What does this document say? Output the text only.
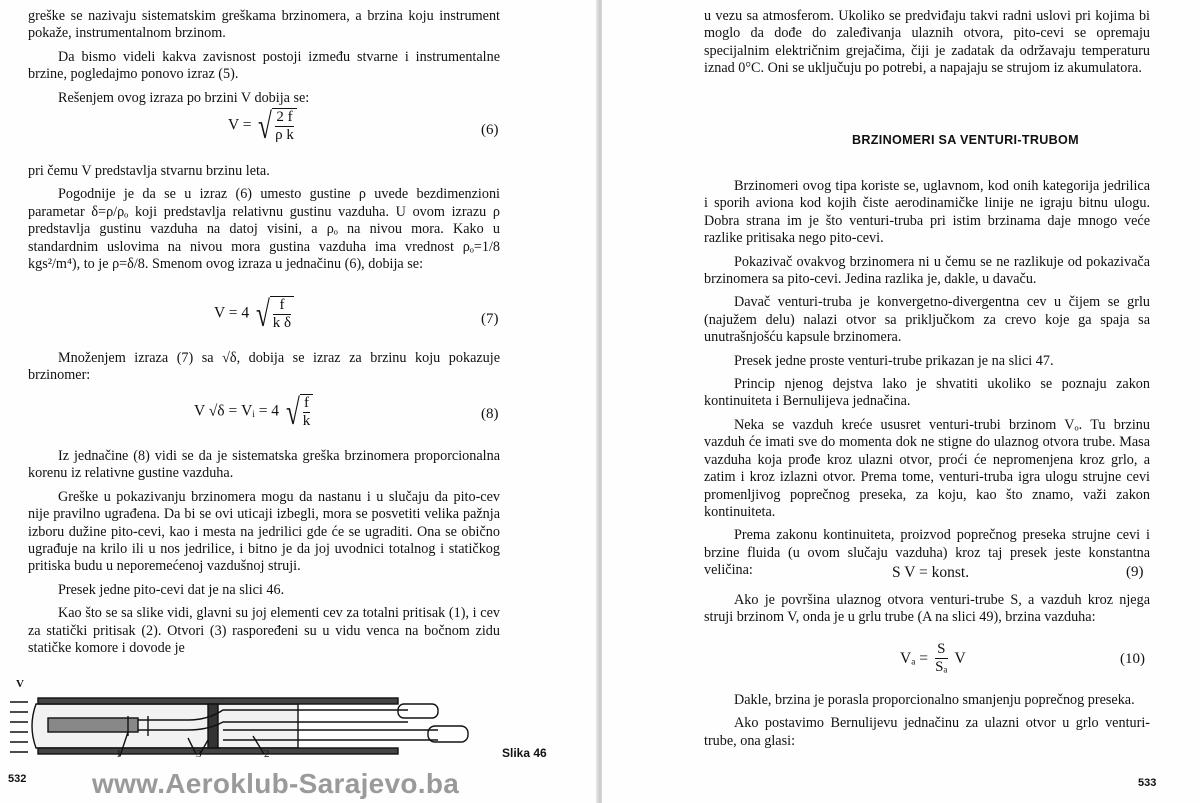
greške se nazivaju sistematskim greškama brzinomera, a brzina koju instrument pokaže, instrumentalnom brzinom.

Da bismo videli kakva zavisnost postoji između stvarne i instrumentalne brzine, pogledajmo ponovo izraz (5).

Rešenjem ovog izraza po brzini V dobija se:

V = √ $\frac{2 f}{\text{ρ k}}$	(6)

pri čemu V predstavlja stvarnu brzinu leta.

Pogodnije je da se u izraz (6) umesto gustine ρ uvede bezdimenzioni parametar δ=ρ/ρₒ koji predstavlja relativnu gustinu vazduha. U ovom izrazu ρ predstavlja gustinu vazduha na datoj visini, a ρₒ na nivou mora. Kako u standardnim uslovima na nivou mora gustina vazduha ima vrednost ρₒ=1/8 kgs²/m⁴), to je ρ=δ/8. Smenom ovog izraza u jednačinu (6), dobija se:

V = 4 √ $\frac{f}{\text{k δ}}$	(7)

Množenjem izraza (7) sa √δ, dobija se izraz za brzinu koju pokazuje brzinomer:

V √δ = Vᵢ = 4 √ $\frac{f}{k}$	(8)

Iz jednačine (8) vidi se da je sistematska greška brzinomera proporcionalna korenu iz relativne gustine vazduha.

Greške u pokazivanju brzinomera mogu da nastanu i u slučaju da pito-cev nije pravilno ugrađena. Da bi se ovi uticaji izbegli, mora se posvetiti velika pažnja izboru dužine pito-cevi, kao i mesta na jedrilici gde će se ugraditi. Ona se obično ugrađuje na krilo ili u nos jedrilice, i bitno je da joj uvodnici totalnog i statičkog pritiska budu u neporemećenoj vazdušnoj struji.

Presek jedne pito-cevi dat je na slici 46.

Kao što se sa slike vidi, glavni su joj elementi cev za totalni pritisak (1), i cev za statički pritisak (2). Otvori (3) raspoređeni su u vidu venca na bočnom zidu statičke komore i dovode je

V
1	3	2	Slika 46
532 www.Aeroklub-Sarajevo.ba

u vezu sa atmosferom. Ukoliko se predviđaju takvi radni uslovi pri kojima bi moglo da dođe do zaleđivanja ulaznih otvora, pito-cevi se opremaju specijalnim električnim grejačima, čiji je zadatak da održavaju temperaturu iznad 0°C. Oni se uključuju po potrebi, a napajaju se strujom iz akumulatora.

BRZINOMERI SA VENTURI-TRUBOM

Brzinomeri ovog tipa koriste se, uglavnom, kod onih kategorija jedrilica i sporih aviona kod kojih čiste aerodinamičke linije ne igraju bitnu ulogu. Dobra strana im je što venturi-truba pri istim brzinama daje mnogo veće razlike pritisaka nego pito-cevi.

Pokazivač ovakvog brzinomera ni u čemu se ne razlikuje od pokazivača brzinomera sa pito-cevi. Jedina razlika je, dakle, u davaču.

Davač venturi-truba je konvergetno-divergentna cev u čijem se grlu (najužem delu) nalazi otvor sa priključkom za crevo koje ga spaja sa unutrašnjošću kapsule brzinomera.

Presek jedne proste venturi-trube prikazan je na slici 47.

Princip njenog dejstva lako je shvatiti ukoliko se poznaju zakon kontinuiteta i Bernulijeva jednačina.

Neka se vazduh kreće ususret venturi-trubi brzinom Vₒ. Tu brzinu vazduh će imati sve do momenta dok ne stigne do ulaznog otvora trube. Masa vazduha koja prođe kroz ulazni otvor, proći će nepromenjena kroz grlo, a zatim i kroz izlazni otvor. Prema tome, venturi-truba igra ulogu strujne cevi promenljivog poprečnog preseka, za koju, kao što znamo, važi zakon kontinuiteta.

Prema zakonu kontinuiteta, proizvod poprečnog preseka strujne cevi i brzine fluida (u ovom slučaju vazduha) kroz taj presek jeste konstantna veličina:	S V = konst.	(9)

Ako je površina ulaznog otvora venturi-trube S, a vazduh kroz njega struji brzinom V, onda je u grlu trube (A na slici 49), brzina vazduha:

$V_a = \frac{S}{\text{Sₐ}}$ V	(10)

Dakle, brzina je porasla proporcionalno smanjenju poprečnog preseka.

Ako postavimo Bernulijevu jednačinu za ulazni otvor u grlo venturi-trube, ona glasi:

533
